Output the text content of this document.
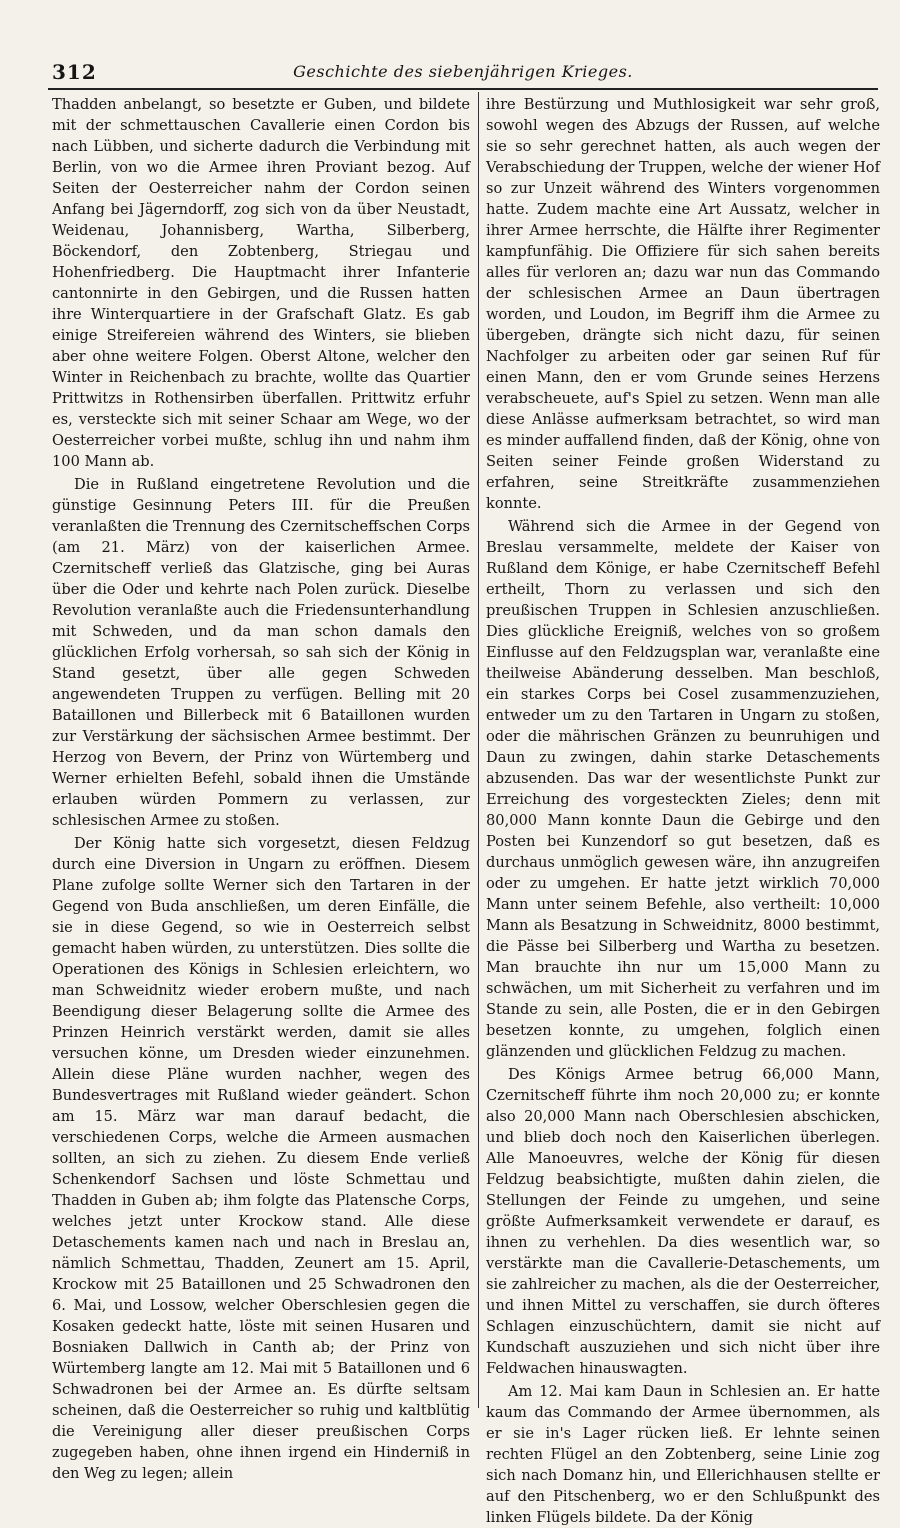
312	Geschichte des siebenjährigen Krieges.

Thadden anbelangt, so besetzte er Guben, und bildete mit der schmettauschen Cavallerie einen Cordon bis nach Lübben, und sicherte dadurch die Verbindung mit Berlin, von wo die Armee ihren Proviant bezog. Auf Seiten der Oesterreicher nahm der Cordon seinen Anfang bei Jägerndorff, zog sich von da über Neustadt, Weidenau, Johannisberg, Wartha, Silberberg, Böckendorf, den Zobtenberg, Striegau und Hohenfriedberg. Die Hauptmacht ihrer Infanterie cantonnirte in den Gebirgen, und die Russen hatten ihre Winterquartiere in der Grafschaft Glatz. Es gab einige Streifereien während des Winters, sie blieben aber ohne weitere Folgen. Oberst Altone, welcher den Winter in Reichenbach zu brachte, wollte das Quartier Prittwitzs in Rothensirben überfallen. Prittwitz erfuhr es, versteckte sich mit seiner Schaar am Wege, wo der Oesterreicher vorbei mußte, schlug ihn und nahm ihm 100 Mann ab.

Die in Rußland eingetretene Revolution und die günstige Gesinnung Peters III. für die Preußen veranlaßten die Trennung des Czernitscheffschen Corps (am 21. März) von der kaiserlichen Armee. Czernitscheff verließ das Glatzische, ging bei Auras über die Oder und kehrte nach Polen zurück. Dieselbe Revolution veranlaßte auch die Friedensunterhandlung mit Schweden, und da man schon damals den glücklichen Erfolg vorhersah, so sah sich der König in Stand gesetzt, über alle gegen Schweden angewendeten Truppen zu verfügen. Belling mit 20 Bataillonen und Billerbeck mit 6 Bataillonen wurden zur Verstärkung der sächsischen Armee bestimmt. Der Herzog von Bevern, der Prinz von Würtemberg und Werner erhielten Befehl, sobald ihnen die Umstände erlauben würden Pommern zu verlassen, zur schlesischen Armee zu stoßen.

Der König hatte sich vorgesetzt, diesen Feldzug durch eine Diversion in Ungarn zu eröffnen. Diesem Plane zufolge sollte Werner sich den Tartaren in der Gegend von Buda anschließen, um deren Einfälle, die sie in diese Gegend, so wie in Oesterreich selbst gemacht haben würden, zu unterstützen. Dies sollte die Operationen des Königs in Schlesien erleichtern, wo man Schweidnitz wieder erobern mußte, und nach Beendigung dieser Belagerung sollte die Armee des Prinzen Heinrich verstärkt werden, damit sie alles versuchen könne, um Dresden wieder einzunehmen. Allein diese Pläne wurden nachher, wegen des Bundesvertrages mit Rußland wieder geändert. Schon am 15. März war man darauf bedacht, die verschiedenen Corps, welche die Armeen ausmachen sollten, an sich zu ziehen. Zu diesem Ende verließ Schenkendorf Sachsen und löste Schmettau und Thadden in Guben ab; ihm folgte das Platensche Corps, welches jetzt unter Krockow stand. Alle diese Detaschements kamen nach und nach in Breslau an, nämlich Schmettau, Thadden, Zeunert am 15. April, Krockow mit 25 Bataillonen und 25 Schwadronen den 6. Mai, und Lossow, welcher Oberschlesien gegen die Kosaken gedeckt hatte, löste mit seinen Husaren und Bosniaken Dallwich in Canth ab; der Prinz von Würtemberg langte am 12. Mai mit 5 Bataillonen und 6 Schwadronen bei der Armee an. Es dürfte seltsam scheinen, daß die Oesterreicher so ruhig und kaltblütig die Vereinigung aller dieser preußischen Corps zugegeben haben, ohne ihnen irgend ein Hinderniß in den Weg zu legen; allein

ihre Bestürzung und Muthlosigkeit war sehr groß, sowohl wegen des Abzugs der Russen, auf welche sie so sehr gerechnet hatten, als auch wegen der Verabschiedung der Truppen, welche der wiener Hof so zur Unzeit während des Winters vorgenommen hatte. Zudem machte eine Art Aussatz, welcher in ihrer Armee herrschte, die Hälfte ihrer Regimenter kampfunfähig. Die Offiziere für sich sahen bereits alles für verloren an; dazu war nun das Commando der schlesischen Armee an Daun übertragen worden, und Loudon, im Begriff ihm die Armee zu übergeben, drängte sich nicht dazu, für seinen Nachfolger zu arbeiten oder gar seinen Ruf für einen Mann, den er vom Grunde seines Herzens verabscheuete, auf's Spiel zu setzen. Wenn man alle diese Anlässe aufmerksam betrachtet, so wird man es minder auffallend finden, daß der König, ohne von Seiten seiner Feinde großen Widerstand zu erfahren, seine Streitkräfte zusammenziehen konnte.

Während sich die Armee in der Gegend von Breslau versammelte, meldete der Kaiser von Rußland dem Könige, er habe Czernitscheff Befehl ertheilt, Thorn zu verlassen und sich den preußischen Truppen in Schlesien anzuschließen. Dies glückliche Ereigniß, welches von so großem Einflusse auf den Feldzugsplan war, veranlaßte eine theilweise Abänderung desselben. Man beschloß, ein starkes Corps bei Cosel zusammenzuziehen, entweder um zu den Tartaren in Ungarn zu stoßen, oder die mährischen Gränzen zu beunruhigen und Daun zu zwingen, dahin starke Detaschements abzusenden. Das war der wesentlichste Punkt zur Erreichung des vorgesteckten Zieles; denn mit 80,000 Mann konnte Daun die Gebirge und den Posten bei Kunzendorf so gut besetzen, daß es durchaus unmöglich gewesen wäre, ihn anzugreifen oder zu umgehen. Er hatte jetzt wirklich 70,000 Mann unter seinem Befehle, also vertheilt: 10,000 Mann als Besatzung in Schweidnitz, 8000 bestimmt, die Pässe bei Silberberg und Wartha zu besetzen. Man brauchte ihn nur um 15,000 Mann zu schwächen, um mit Sicherheit zu verfahren und im Stande zu sein, alle Posten, die er in den Gebirgen besetzen konnte, zu umgehen, folglich einen glänzenden und glücklichen Feldzug zu machen.

Des Königs Armee betrug 66,000 Mann, Czernitscheff führte ihm noch 20,000 zu; er konnte also 20,000 Mann nach Oberschlesien abschicken, und blieb doch noch den Kaiserlichen überlegen. Alle Manoeuvres, welche der König für diesen Feldzug beabsichtigte, mußten dahin zielen, die Stellungen der Feinde zu umgehen, und seine größte Aufmerksamkeit verwendete er darauf, es ihnen zu verhehlen. Da dies wesentlich war, so verstärkte man die Cavallerie-Detaschements, um sie zahlreicher zu machen, als die der Oesterreicher, und ihnen Mittel zu verschaffen, sie durch öfteres Schlagen einzuschüchtern, damit sie nicht auf Kundschaft auszuziehen und sich nicht über ihre Feldwachen hinauswagten.

Am 12. Mai kam Daun in Schlesien an. Er hatte kaum das Commando der Armee übernommen, als er sie in's Lager rücken ließ. Er lehnte seinen rechten Flügel an den Zobtenberg, seine Linie zog sich nach Domanz hin, und Ellerichhausen stellte er auf den Pitschenberg, wo er den Schlußpunkt des linken Flügels bildete. Da der König
